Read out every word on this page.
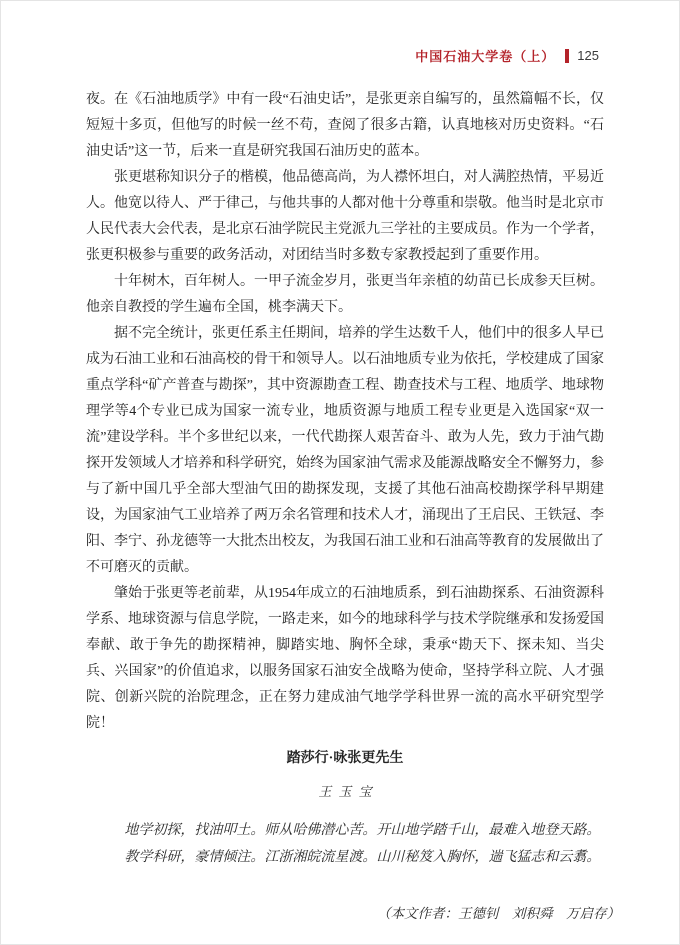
中国石油大学卷（上） 125

夜。在《石油地质学》中有一段“石油史话”，是张更亲自编写的，虽然篇幅不长，仅短短十多页，但他写的时候一丝不苟，查阅了很多古籍，认真地核对历史资料。“石油史话”这一节，后来一直是研究我国石油历史的蓝本。

张更堪称知识分子的楷模，他品德高尚，为人襟怀坦白，对人满腔热情，平易近人。他宽以待人、严于律己，与他共事的人都对他十分尊重和崇敬。他当时是北京市人民代表大会代表，是北京石油学院民主党派九三学社的主要成员。作为一个学者，张更积极参与重要的政务活动，对团结当时多数专家教授起到了重要作用。

十年树木，百年树人。一甲子流金岁月，张更当年亲植的幼苗已长成参天巨树。他亲自教授的学生遍布全国，桃李满天下。

据不完全统计，张更任系主任期间，培养的学生达数千人，他们中的很多人早已成为石油工业和石油高校的骨干和领导人。以石油地质专业为依托，学校建成了国家重点学科“矿产普查与勘探”，其中资源勘查工程、勘查技术与工程、地质学、地球物理学等4个专业已成为国家一流专业，地质资源与地质工程专业更是入选国家“双一流”建设学科。半个多世纪以来，一代代勘探人艰苦奋斗、敢为人先，致力于油气勘探开发领域人才培养和科学研究，始终为国家油气需求及能源战略安全不懈努力，参与了新中国几乎全部大型油气田的勘探发现，支援了其他石油高校勘探学科早期建设，为国家油气工业培养了两万余名管理和技术人才，涌现出了王启民、王铁冠、李阳、李宁、孙龙德等一大批杰出校友，为我国石油工业和石油高等教育的发展做出了不可磨灭的贡献。

肇始于张更等老前辈，从1954年成立的石油地质系，到石油勘探系、石油资源科学系、地球资源与信息学院，一路走来，如今的地球科学与技术学院继承和发扬爱国奉献、敢于争先的勘探精神，脚踏实地、胸怀全球，秉承“勘天下、探未知、当尖兵、兴国家”的价值追求，以服务国家石油安全战略为使命，坚持学科立院、人才强院、创新兴院的治院理念，正在努力建成油气地学学科世界一流的高水平研究型学院！

踏莎行·咏张更先生

王玉宝

地学初探，找油叩土。师从哈佛潜心苦。开山地学踏千山，最难入地登天路。

教学科研，豪情倾注。江浙湘皖流星渡。山川秘笈入胸怀，遄飞猛志和云翥。

（本文作者：王德钊　刘积舜　万启存）
